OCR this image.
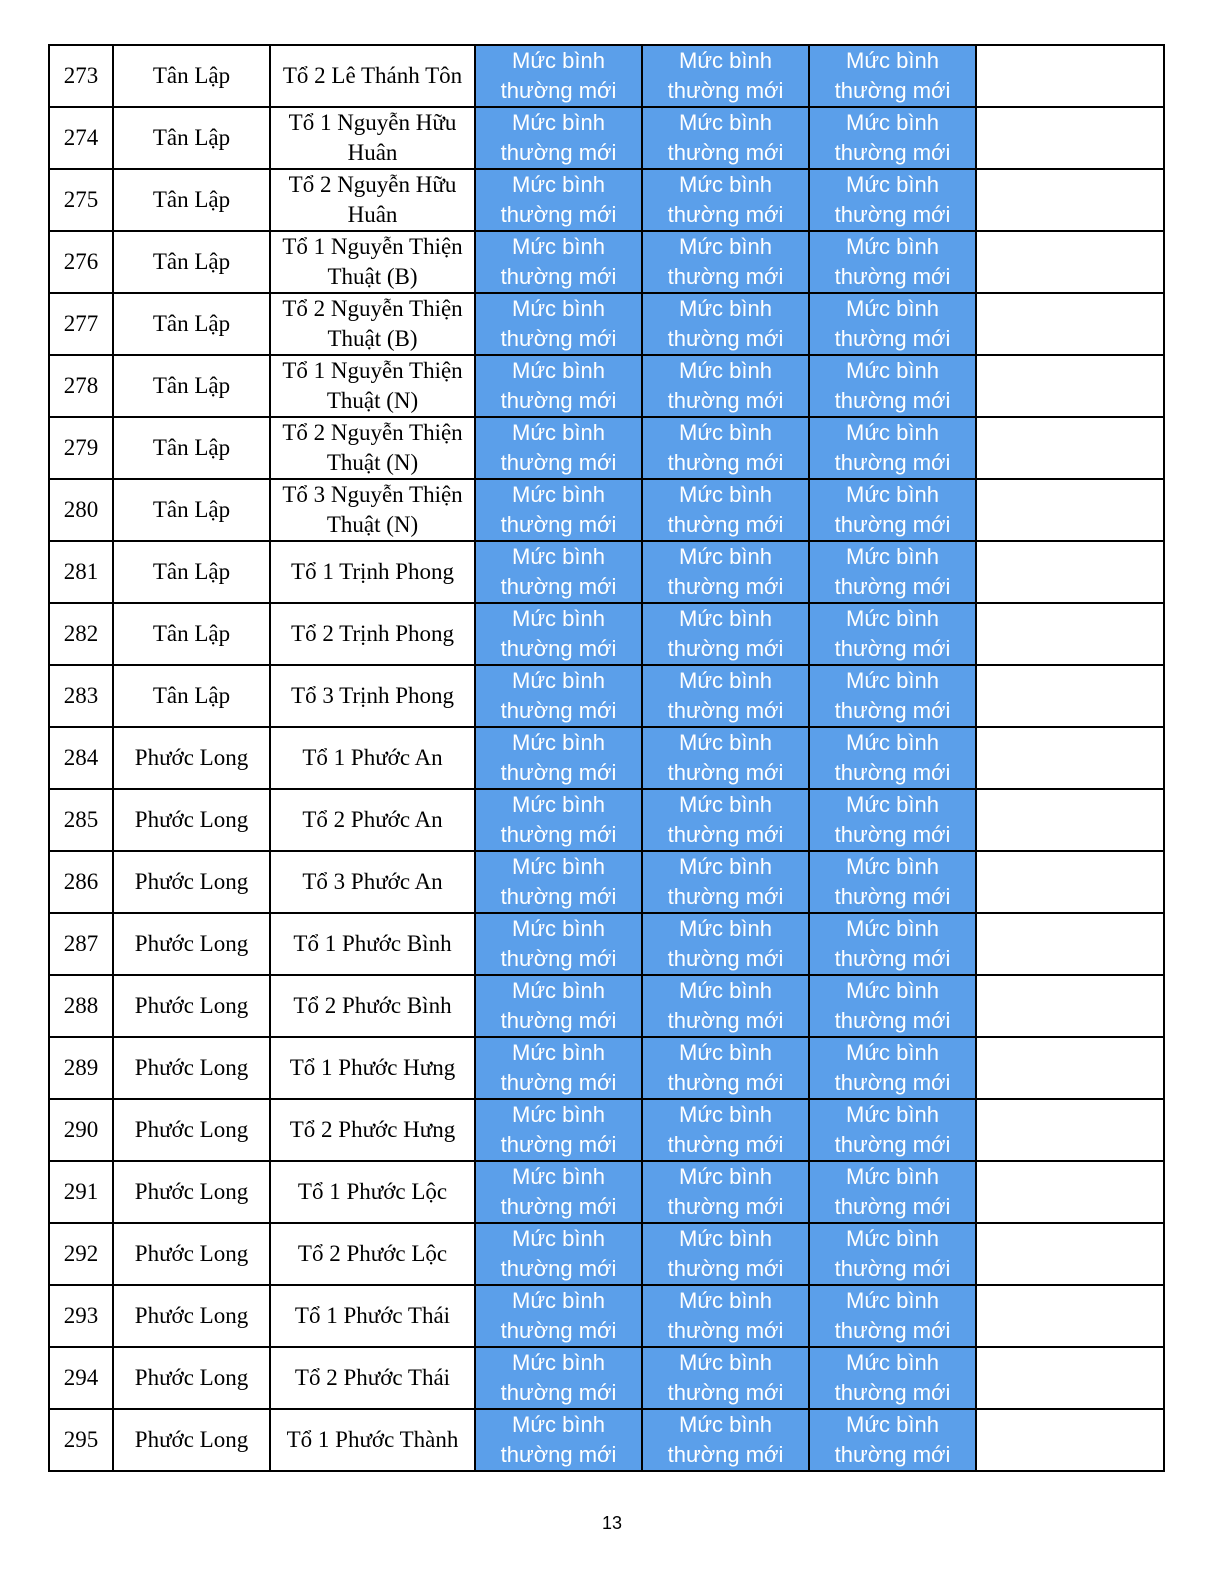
273	Tân Lập	Tổ 2 Lê Thánh Tôn	Mức bình thường mới	Mức bình thường mới	Mức bình thường mới	
274	Tân Lập	Tổ 1 Nguyễn Hữu Huân	Mức bình thường mới	Mức bình thường mới	Mức bình thường mới	
275	Tân Lập	Tổ 2 Nguyễn Hữu Huân	Mức bình thường mới	Mức bình thường mới	Mức bình thường mới	
276	Tân Lập	Tổ 1 Nguyễn Thiện Thuật (B)	Mức bình thường mới	Mức bình thường mới	Mức bình thường mới	
277	Tân Lập	Tổ 2 Nguyễn Thiện Thuật (B)	Mức bình thường mới	Mức bình thường mới	Mức bình thường mới	
278	Tân Lập	Tổ 1 Nguyễn Thiện Thuật (N)	Mức bình thường mới	Mức bình thường mới	Mức bình thường mới	
279	Tân Lập	Tổ 2 Nguyễn Thiện Thuật (N)	Mức bình thường mới	Mức bình thường mới	Mức bình thường mới	
280	Tân Lập	Tổ 3 Nguyễn Thiện Thuật (N)	Mức bình thường mới	Mức bình thường mới	Mức bình thường mới	
281	Tân Lập	Tổ 1 Trịnh Phong	Mức bình thường mới	Mức bình thường mới	Mức bình thường mới	
282	Tân Lập	Tổ 2 Trịnh Phong	Mức bình thường mới	Mức bình thường mới	Mức bình thường mới	
283	Tân Lập	Tổ 3 Trịnh Phong	Mức bình thường mới	Mức bình thường mới	Mức bình thường mới	
284	Phước Long	Tổ 1 Phước An	Mức bình thường mới	Mức bình thường mới	Mức bình thường mới	
285	Phước Long	Tổ 2 Phước An	Mức bình thường mới	Mức bình thường mới	Mức bình thường mới	
286	Phước Long	Tổ 3 Phước An	Mức bình thường mới	Mức bình thường mới	Mức bình thường mới	
287	Phước Long	Tổ 1 Phước Bình	Mức bình thường mới	Mức bình thường mới	Mức bình thường mới	
288	Phước Long	Tổ 2 Phước Bình	Mức bình thường mới	Mức bình thường mới	Mức bình thường mới	
289	Phước Long	Tổ 1 Phước Hưng	Mức bình thường mới	Mức bình thường mới	Mức bình thường mới	
290	Phước Long	Tổ 2 Phước Hưng	Mức bình thường mới	Mức bình thường mới	Mức bình thường mới	
291	Phước Long	Tổ 1 Phước Lộc	Mức bình thường mới	Mức bình thường mới	Mức bình thường mới	
292	Phước Long	Tổ 2 Phước Lộc	Mức bình thường mới	Mức bình thường mới	Mức bình thường mới	
293	Phước Long	Tổ 1 Phước Thái	Mức bình thường mới	Mức bình thường mới	Mức bình thường mới	
294	Phước Long	Tổ 2 Phước Thái	Mức bình thường mới	Mức bình thường mới	Mức bình thường mới	
295	Phước Long	Tổ 1 Phước Thành	Mức bình thường mới	Mức bình thường mới	Mức bình thường mới	
13
